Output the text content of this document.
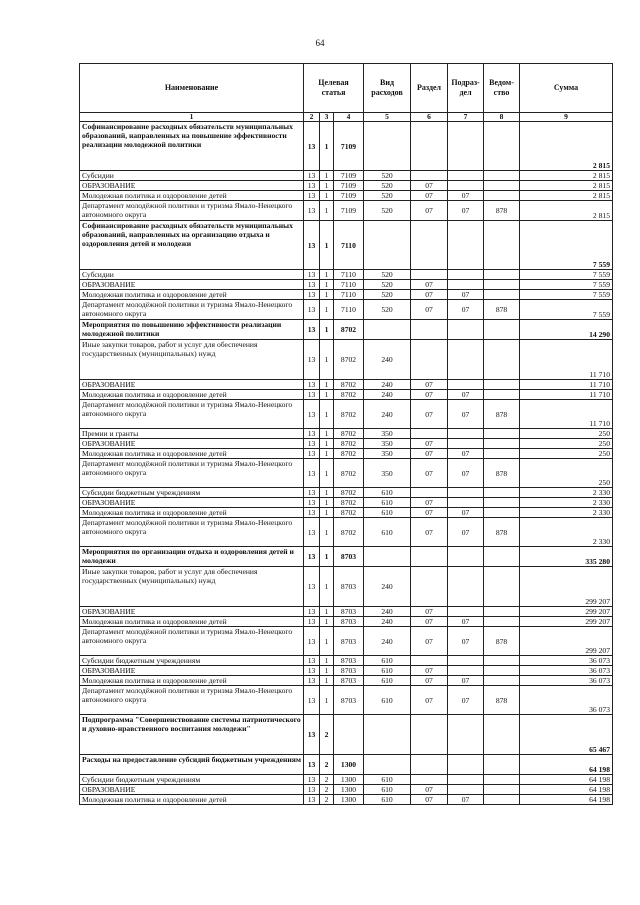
64
Наименование	Целевая статья			Вид расходов	Раздел	Подраз-дел	Ведом-ство	Сумма
1	2	3	4	5	6	7	8	9
Софинансирование расходных обязательств муниципальных образований, направленных на повышение эффективности реализации молодежной политики	13	1	7109					2 815
Субсидии	13	1	7109	520				2 815
ОБРАЗОВАНИЕ	13	1	7109	520	07			2 815
Молодежная политика и оздоровление детей	13	1	7109	520	07	07		2 815
Департамент молодёжной политики и туризма Ямало-Ненецкого автономного округа	13	1	7109	520	07	07	878	2 815
Софинансирование расходных обязательств муниципальных образований, направленных на организацию отдыха и оздоровления детей и молодежи	13	1	7110					7 559
Субсидии	13	1	7110	520				7 559
ОБРАЗОВАНИЕ	13	1	7110	520	07			7 559
Молодежная политика и оздоровление детей	13	1	7110	520	07	07		7 559
Департамент молодёжной политики и туризма Ямало-Ненецкого автономного округа	13	1	7110	520	07	07	878	7 559
Мероприятия по повышению эффективности реализации молодежной политики	13	1	8702					14 290
Иные закупки товаров, работ и услуг для обеспечения государственных (муниципальных) нужд	13	1	8702	240				11 710
ОБРАЗОВАНИЕ	13	1	8702	240	07			11 710
Молодежная политика и оздоровление детей	13	1	8702	240	07	07		11 710
Департамент молодёжной политики и туризма Ямало-Ненецкого автономного округа	13	1	8702	240	07	07	878	11 710
Премии и гранты	13	1	8702	350				250
ОБРАЗОВАНИЕ	13	1	8702	350	07			250
Молодежная политика и оздоровление детей	13	1	8702	350	07	07		250
Департамент молодёжной политики и туризма Ямало-Ненецкого автономного округа	13	1	8702	350	07	07	878	250
Субсидии бюджетным учреждениям	13	1	8702	610				2 330
ОБРАЗОВАНИЕ	13	1	8702	610	07			2 330
Молодежная политика и оздоровление детей	13	1	8702	610	07	07		2 330
Департамент молодёжной политики и туризма Ямало-Ненецкого автономного округа	13	1	8702	610	07	07	878	2 330
Мероприятия по организации отдыха и оздоровления детей и молодежи	13	1	8703					335 280
Иные закупки товаров, работ и услуг для обеспечения государственных (муниципальных) нужд	13	1	8703	240				299 207
ОБРАЗОВАНИЕ	13	1	8703	240	07			299 207
Молодежная политика и оздоровление детей	13	1	8703	240	07	07		299 207
Департамент молодёжной политики и туризма Ямало-Ненецкого автономного округа	13	1	8703	240	07	07	878	299 207
Субсидии бюджетным учреждениям	13	1	8703	610				36 073
ОБРАЗОВАНИЕ	13	1	8703	610	07			36 073
Молодежная политика и оздоровление детей	13	1	8703	610	07	07		36 073
Департамент молодёжной политики и туризма Ямало-Ненецкого автономного округа	13	1	8703	610	07	07	878	36 073
Подпрограмма "Совершенствование системы патриотического и духовно-нравственного воспитания молодежи"	13	2						65 467
Расходы на предоставление субсидий бюджетным учреждениям	13	2	1300					64 198
Субсидии бюджетным учреждениям	13	2	1300	610				64 198
ОБРАЗОВАНИЕ	13	2	1300	610	07			64 198
Молодежная политика и оздоровление детей	13	2	1300	610	07	07		64 198
